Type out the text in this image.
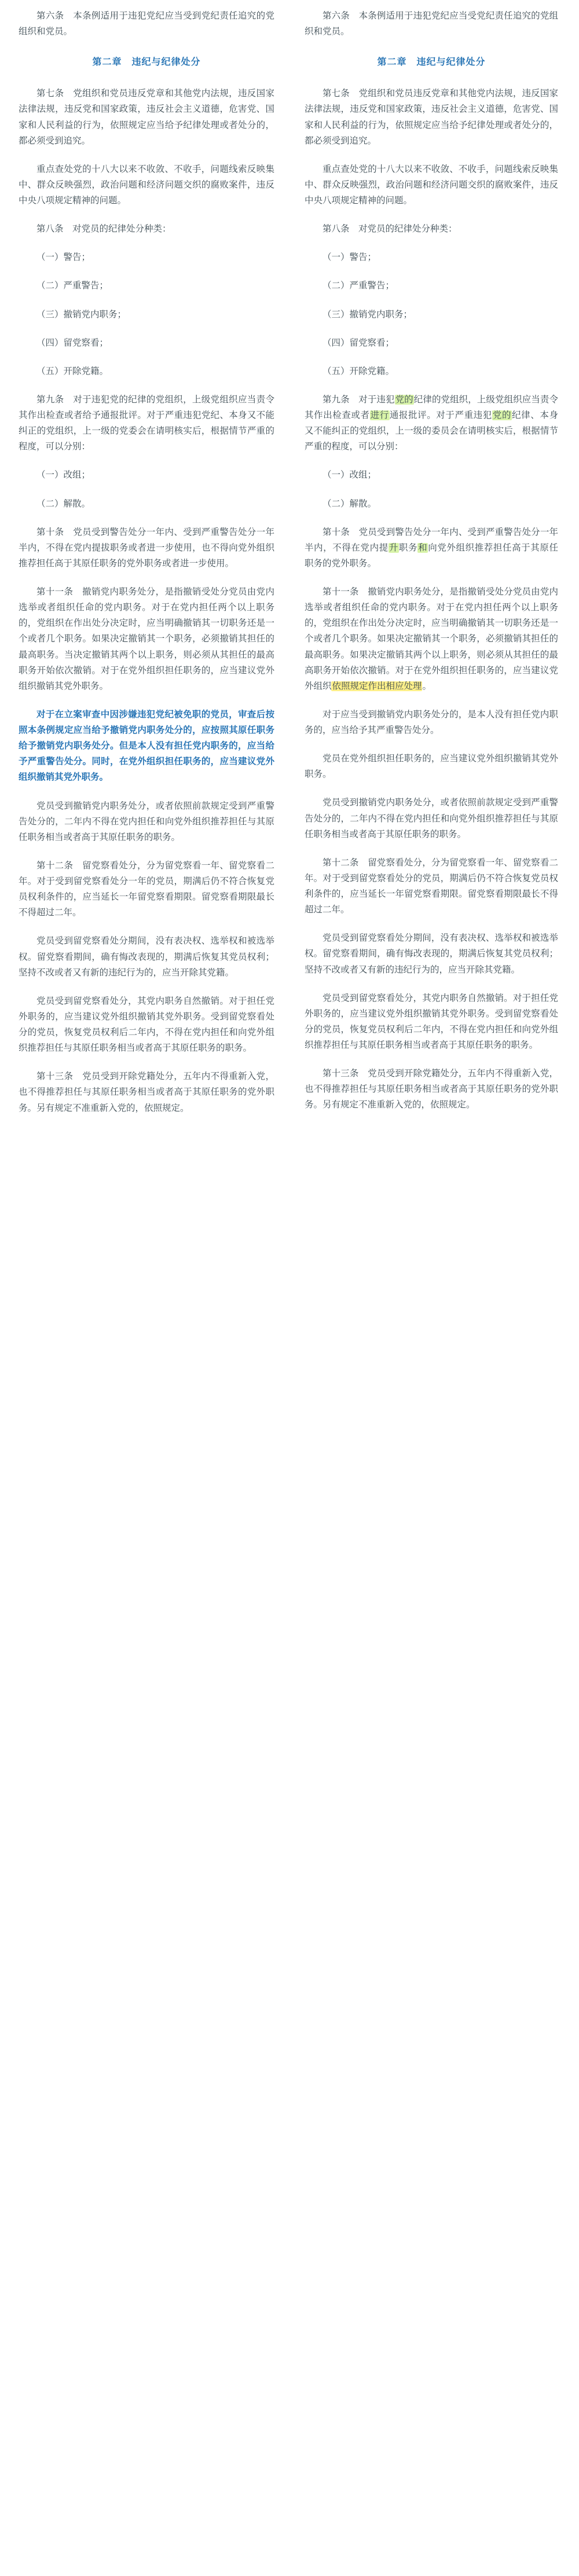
第六条　本条例适用于违犯党纪应当受到党纪责任追究的党组织和党员。

第二章　违纪与纪律处分

第七条　党组织和党员违反党章和其他党内法规，违反国家法律法规，违反党和国家政策，违反社会主义道德，危害党、国家和人民利益的行为，依照规定应当给予纪律处理或者处分的，都必须受到追究。

重点查处党的十八大以来不收敛、不收手，问题线索反映集中、群众反映强烈，政治问题和经济问题交织的腐败案件，违反中央八项规定精神的问题。

第八条　对党员的纪律处分种类：

（一）警告；

（二）严重警告；

（三）撤销党内职务；

（四）留党察看；

（五）开除党籍。

第九条　对于违犯党的纪律的党组织，上级党组织应当责令其作出检查或者给予通报批评。对于严重违犯党纪、本身又不能纠正的党组织，上一级的党委会在请明核实后，根据情节严重的程度，可以分别：

（一）改组；

（二）解散。

第十条　党员受到警告处分一年内、受到严重警告处分一年半内，不得在党内提拔职务或者进一步使用，也不得向党外组织推荐担任高于其原任职务的党外职务或者进一步使用。

第十一条　撤销党内职务处分，是指撤销受处分党员由党内选举或者组织任命的党内职务。对于在党内担任两个以上职务的，党组织在作出处分决定时，应当明确撤销其一切职务还是一个或者几个职务。如果决定撤销其一个职务，必须撤销其担任的最高职务。当决定撤销其两个以上职务，则必须从其担任的最高职务开始依次撤销。对于在党外组织担任职务的，应当建议党外组织撤销其党外职务。

对于在立案审查中因涉嫌违犯党纪被免职的党员，审查后按照本条例规定应当给予撤销党内职务处分的，应按照其原任职务给予撤销党内职务处分。但是本人没有担任党内职务的，应当给予严重警告处分。同时，在党外组织担任职务的，应当建议党外组织撤销其党外职务。

党员受到撤销党内职务处分，或者依照前款规定受到严重警告处分的，二年内不得在党内担任和向党外组织推荐担任与其原任职务相当或者高于其原任职务的职务。

第十二条　留党察看处分，分为留党察看一年、留党察看二年。对于受到留党察看处分一年的党员，期满后仍不符合恢复党员权利条件的，应当延长一年留党察看期限。留党察看期限最长不得超过二年。

党员受到留党察看处分期间，没有表决权、选举权和被选举权。留党察看期间，确有悔改表现的，期满后恢复其党员权利；坚持不改或者又有新的违纪行为的，应当开除其党籍。

党员受到留党察看处分，其党内职务自然撤销。对于担任党外职务的，应当建议党外组织撤销其党外职务。受到留党察看处分的党员，恢复党员权利后二年内，不得在党内担任和向党外组织推荐担任与其原任职务相当或者高于其原任职务的职务。

第十三条　党员受到开除党籍处分，五年内不得重新入党，也不得推荐担任与其原任职务相当或者高于其原任职务的党外职务。另有规定不准重新入党的，依照规定。

第六条　本条例适用于违犯党纪应当受党纪责任追究的党组织和党员。

第二章　违纪与纪律处分

第七条　党组织和党员违反党章和其他党内法规，违反国家法律法规，违反党和国家政策，违反社会主义道德，危害党、国家和人民利益的行为，依照规定应当给予纪律处理或者处分的，都必须受到追究。

重点查处党的十八大以来不收敛、不收手，问题线索反映集中、群众反映强烈，政治问题和经济问题交织的腐败案件，违反中央八项规定精神的问题。

第八条　对党员的纪律处分种类：

（一）警告；

（二）严重警告；

（三）撤销党内职务；

（四）留党察看；

（五）开除党籍。

第九条　对于违犯党的纪律的党组织，上级党组织应当责令其作出检查或者进行通报批评。对于严重违犯党的纪律、本身又不能纠正的党组织，上一级的委员会在请明核实后，根据情节严重的程度，可以分别：

（一）改组；

（二）解散。

第十条　党员受到警告处分一年内、受到严重警告处分一年半内，不得在党内提升职务和向党外组织推荐担任高于其原任职务的党外职务。

第十一条　撤销党内职务处分，是指撤销受处分党员由党内选举或者组织任命的党内职务。对于在党内担任两个以上职务的，党组织在作出处分决定时，应当明确撤销其一切职务还是一个或者几个职务。如果决定撤销其一个职务，必须撤销其担任的最高职务。如果决定撤销其两个以上职务，则必须从其担任的最高职务开始依次撤销。对于在党外组织担任职务的，应当建议党外组织依照规定作出相应处理。

对于应当受到撤销党内职务处分的，是本人没有担任党内职务的，应当给予其严重警告处分。

党员在党外组织担任职务的，应当建议党外组织撤销其党外职务。

党员受到撤销党内职务处分，或者依照前款规定受到严重警告处分的，二年内不得在党内担任和向党外组织推荐担任与其原任职务相当或者高于其原任职务的职务。

第十二条　留党察看处分，分为留党察看一年、留党察看二年。对于受到留党察看处分的党员，期满后仍不符合恢复党员权利条件的，应当延长一年留党察看期限。留党察看期限最长不得超过二年。

党员受到留党察看处分期间，没有表决权、选举权和被选举权。留党察看期间，确有悔改表现的，期满后恢复其党员权利；坚持不改或者又有新的违纪行为的，应当开除其党籍。

党员受到留党察看处分，其党内职务自然撤销。对于担任党外职务的，应当建议党外组织撤销其党外职务。受到留党察看处分的党员，恢复党员权利后二年内，不得在党内担任和向党外组织推荐担任与其原任职务相当或者高于其原任职务的职务。

第十三条　党员受到开除党籍处分，五年内不得重新入党，也不得推荐担任与其原任职务相当或者高于其原任职务的党外职务。另有规定不准重新入党的，依照规定。
